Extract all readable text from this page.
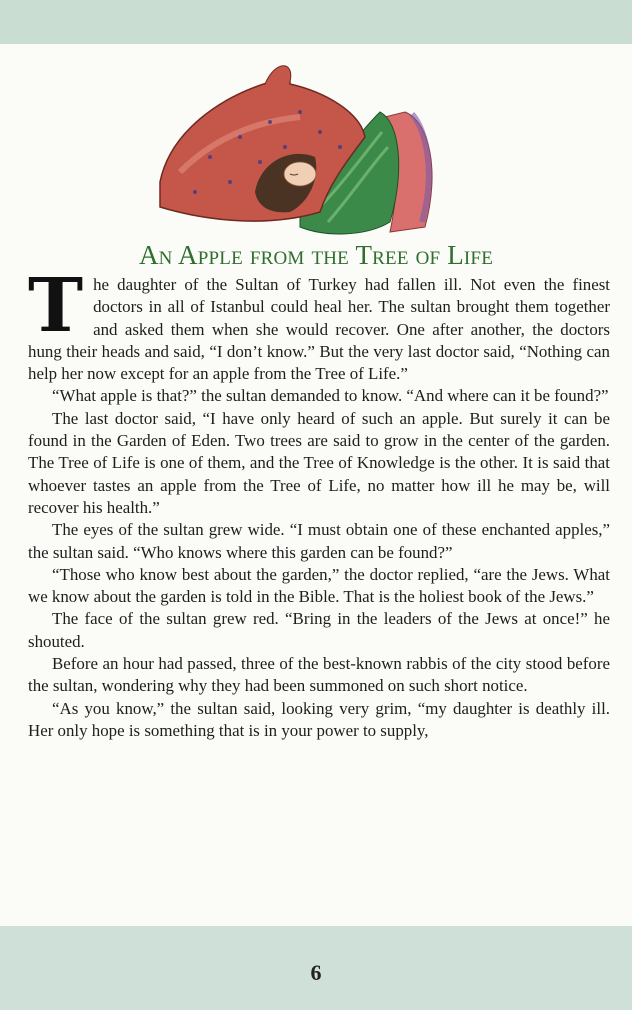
An Apple from the Tree of Life

The daughter of the Sultan of Turkey had fallen ill. Not even the finest doctors in all of Istanbul could heal her. The sultan brought them together and asked them when she would recover. One after another, the doctors hung their heads and said, “I don’t know.” But the very last doctor said, “Nothing can help her now except for an apple from the Tree of Life.”

“What apple is that?” the sultan demanded to know. “And where can it be found?”

The last doctor said, “I have only heard of such an apple. But surely it can be found in the Garden of Eden. Two trees are said to grow in the center of the garden. The Tree of Life is one of them, and the Tree of Knowledge is the other. It is said that whoever tastes an apple from the Tree of Life, no matter how ill he may be, will recover his health.”

The eyes of the sultan grew wide. “I must obtain one of these enchanted apples,” the sultan said. “Who knows where this garden can be found?”

“Those who know best about the garden,” the doctor replied, “are the Jews. What we know about the garden is told in the Bible. That is the holiest book of the Jews.”

The face of the sultan grew red. “Bring in the leaders of the Jews at once!” he shouted.

Before an hour had passed, three of the best-known rabbis of the city stood before the sultan, wondering why they had been summoned on such short notice.

“As you know,” the sultan said, looking very grim, “my daughter is deathly ill. Her only hope is something that is in your power to supply,

6
